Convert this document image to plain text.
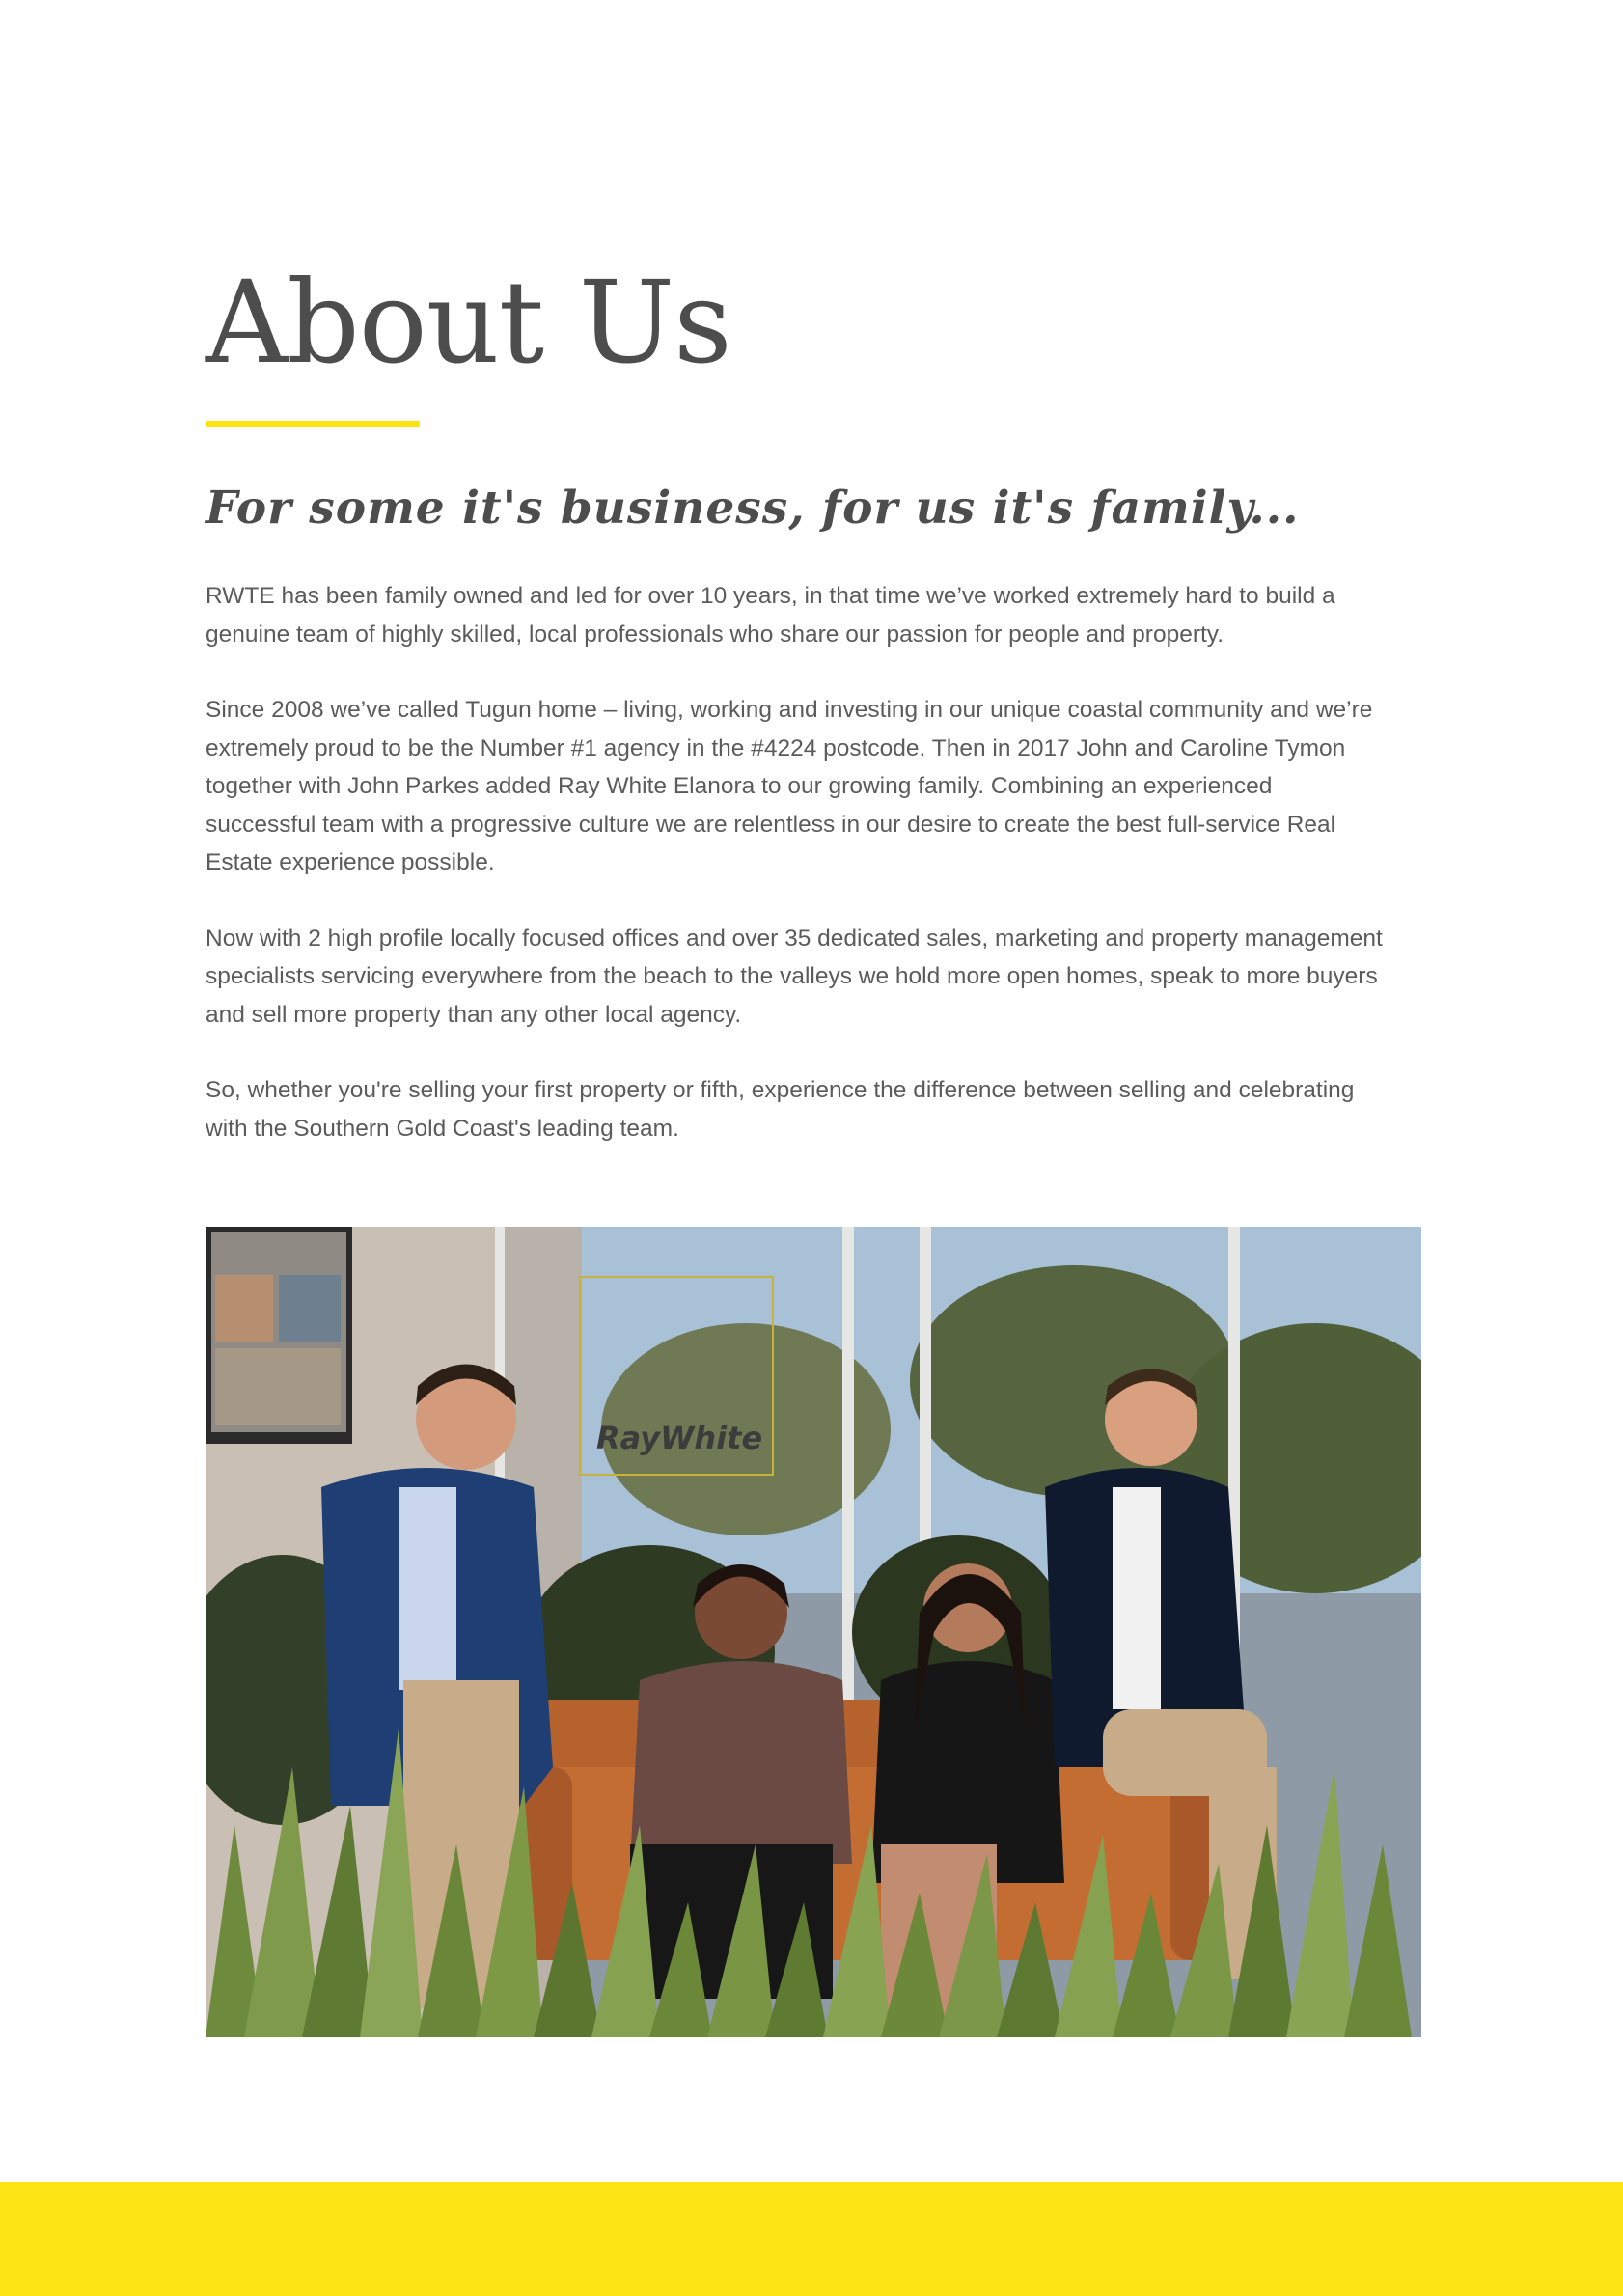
About Us
For some it's business, for us it's family...

RWTE has been family owned and led for over 10 years, in that time we’ve worked extremely hard to build a genuine team of highly skilled, local professionals who share our passion for people and property.

Since 2008 we’ve called Tugun home – living, working and investing in our unique coastal community and we’re extremely proud to be the Number #1 agency in the #4224 postcode. Then in 2017 John and Caroline Tymon together with John Parkes added Ray White Elanora to our growing family. Combining an experienced successful team with a progressive culture we are relentless in our desire to create the best full-service Real Estate experience possible.

Now with 2 high profile locally focused offices and over 35 dedicated sales, marketing and property management specialists servicing everywhere from the beach to the valleys we hold more open homes, speak to more buyers and sell more property than any other local agency.

So, whether you're selling your first property or fifth, experience the difference between selling and celebrating with the Southern Gold Coast's leading team.

RayWhite
